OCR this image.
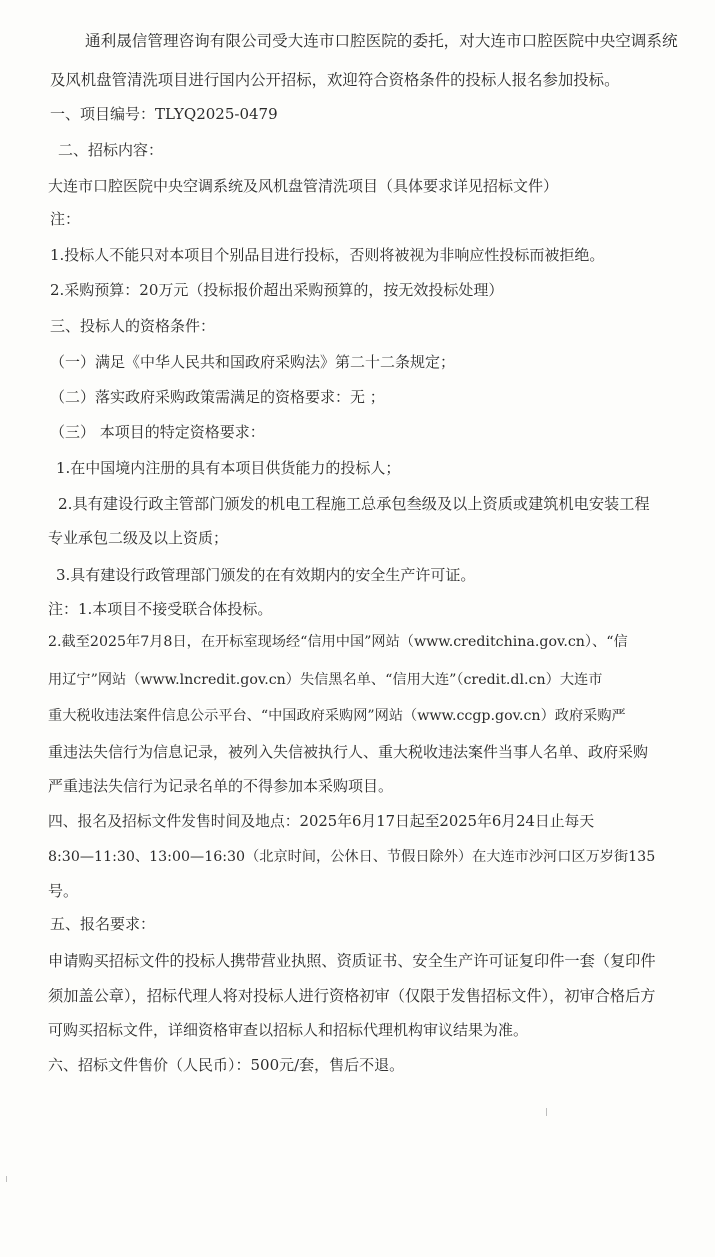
通利晟信管理咨询有限公司受大连市口腔医院的委托，对大连市口腔医院中央空调系统
及风机盘管清洗项目进行国内公开招标，欢迎符合资格条件的投标人报名参加投标。
一、项目编号：TLYQ2025-0479
二、招标内容：
大连市口腔医院中央空调系统及风机盘管清洗项目（具体要求详见招标文件）
注：
1.投标人不能只对本项目个别品目进行投标，否则将被视为非响应性投标而被拒绝。
2.采购预算：20万元（投标报价超出采购预算的，按无效投标处理）
三、投标人的资格条件：
（一）满足《中华人民共和国政府采购法》第二十二条规定；
（二）落实政府采购政策需满足的资格要求：无 ；
（三） 本项目的特定资格要求：
1.在中国境内注册的具有本项目供货能力的投标人；
2.具有建设行政主管部门颁发的机电工程施工总承包叁级及以上资质或建筑机电安装工程
专业承包二级及以上资质；
3.具有建设行政管理部门颁发的在有效期内的安全生产许可证。
注：1.本项目不接受联合体投标。
2.截至2025年7月8日，在开标室现场经“信用中国”网站（www.creditchina.gov.cn）、“信
用辽宁”网站（www.lncredit.gov.cn）失信黑名单、“信用大连”（credit.dl.cn）大连市
重大税收违法案件信息公示平台、“中国政府采购网”网站（www.ccgp.gov.cn）政府采购严
重违法失信行为信息记录，被列入失信被执行人、重大税收违法案件当事人名单、政府采购
严重违法失信行为记录名单的不得参加本采购项目。
四、报名及招标文件发售时间及地点：2025年6月17日起至2025年6月24日止每天
8:30—11:30、13:00—16:30（北京时间，公休日、节假日除外）在大连市沙河口区万岁街135
号。
五、报名要求：
申请购买招标文件的投标人携带营业执照、资质证书、安全生产许可证复印件一套（复印件
须加盖公章），招标代理人将对投标人进行资格初审（仅限于发售招标文件），初审合格后方
可购买招标文件，详细资格审查以招标人和招标代理机构审议结果为准。
六、招标文件售价（人民币）：500元/套，售后不退。
